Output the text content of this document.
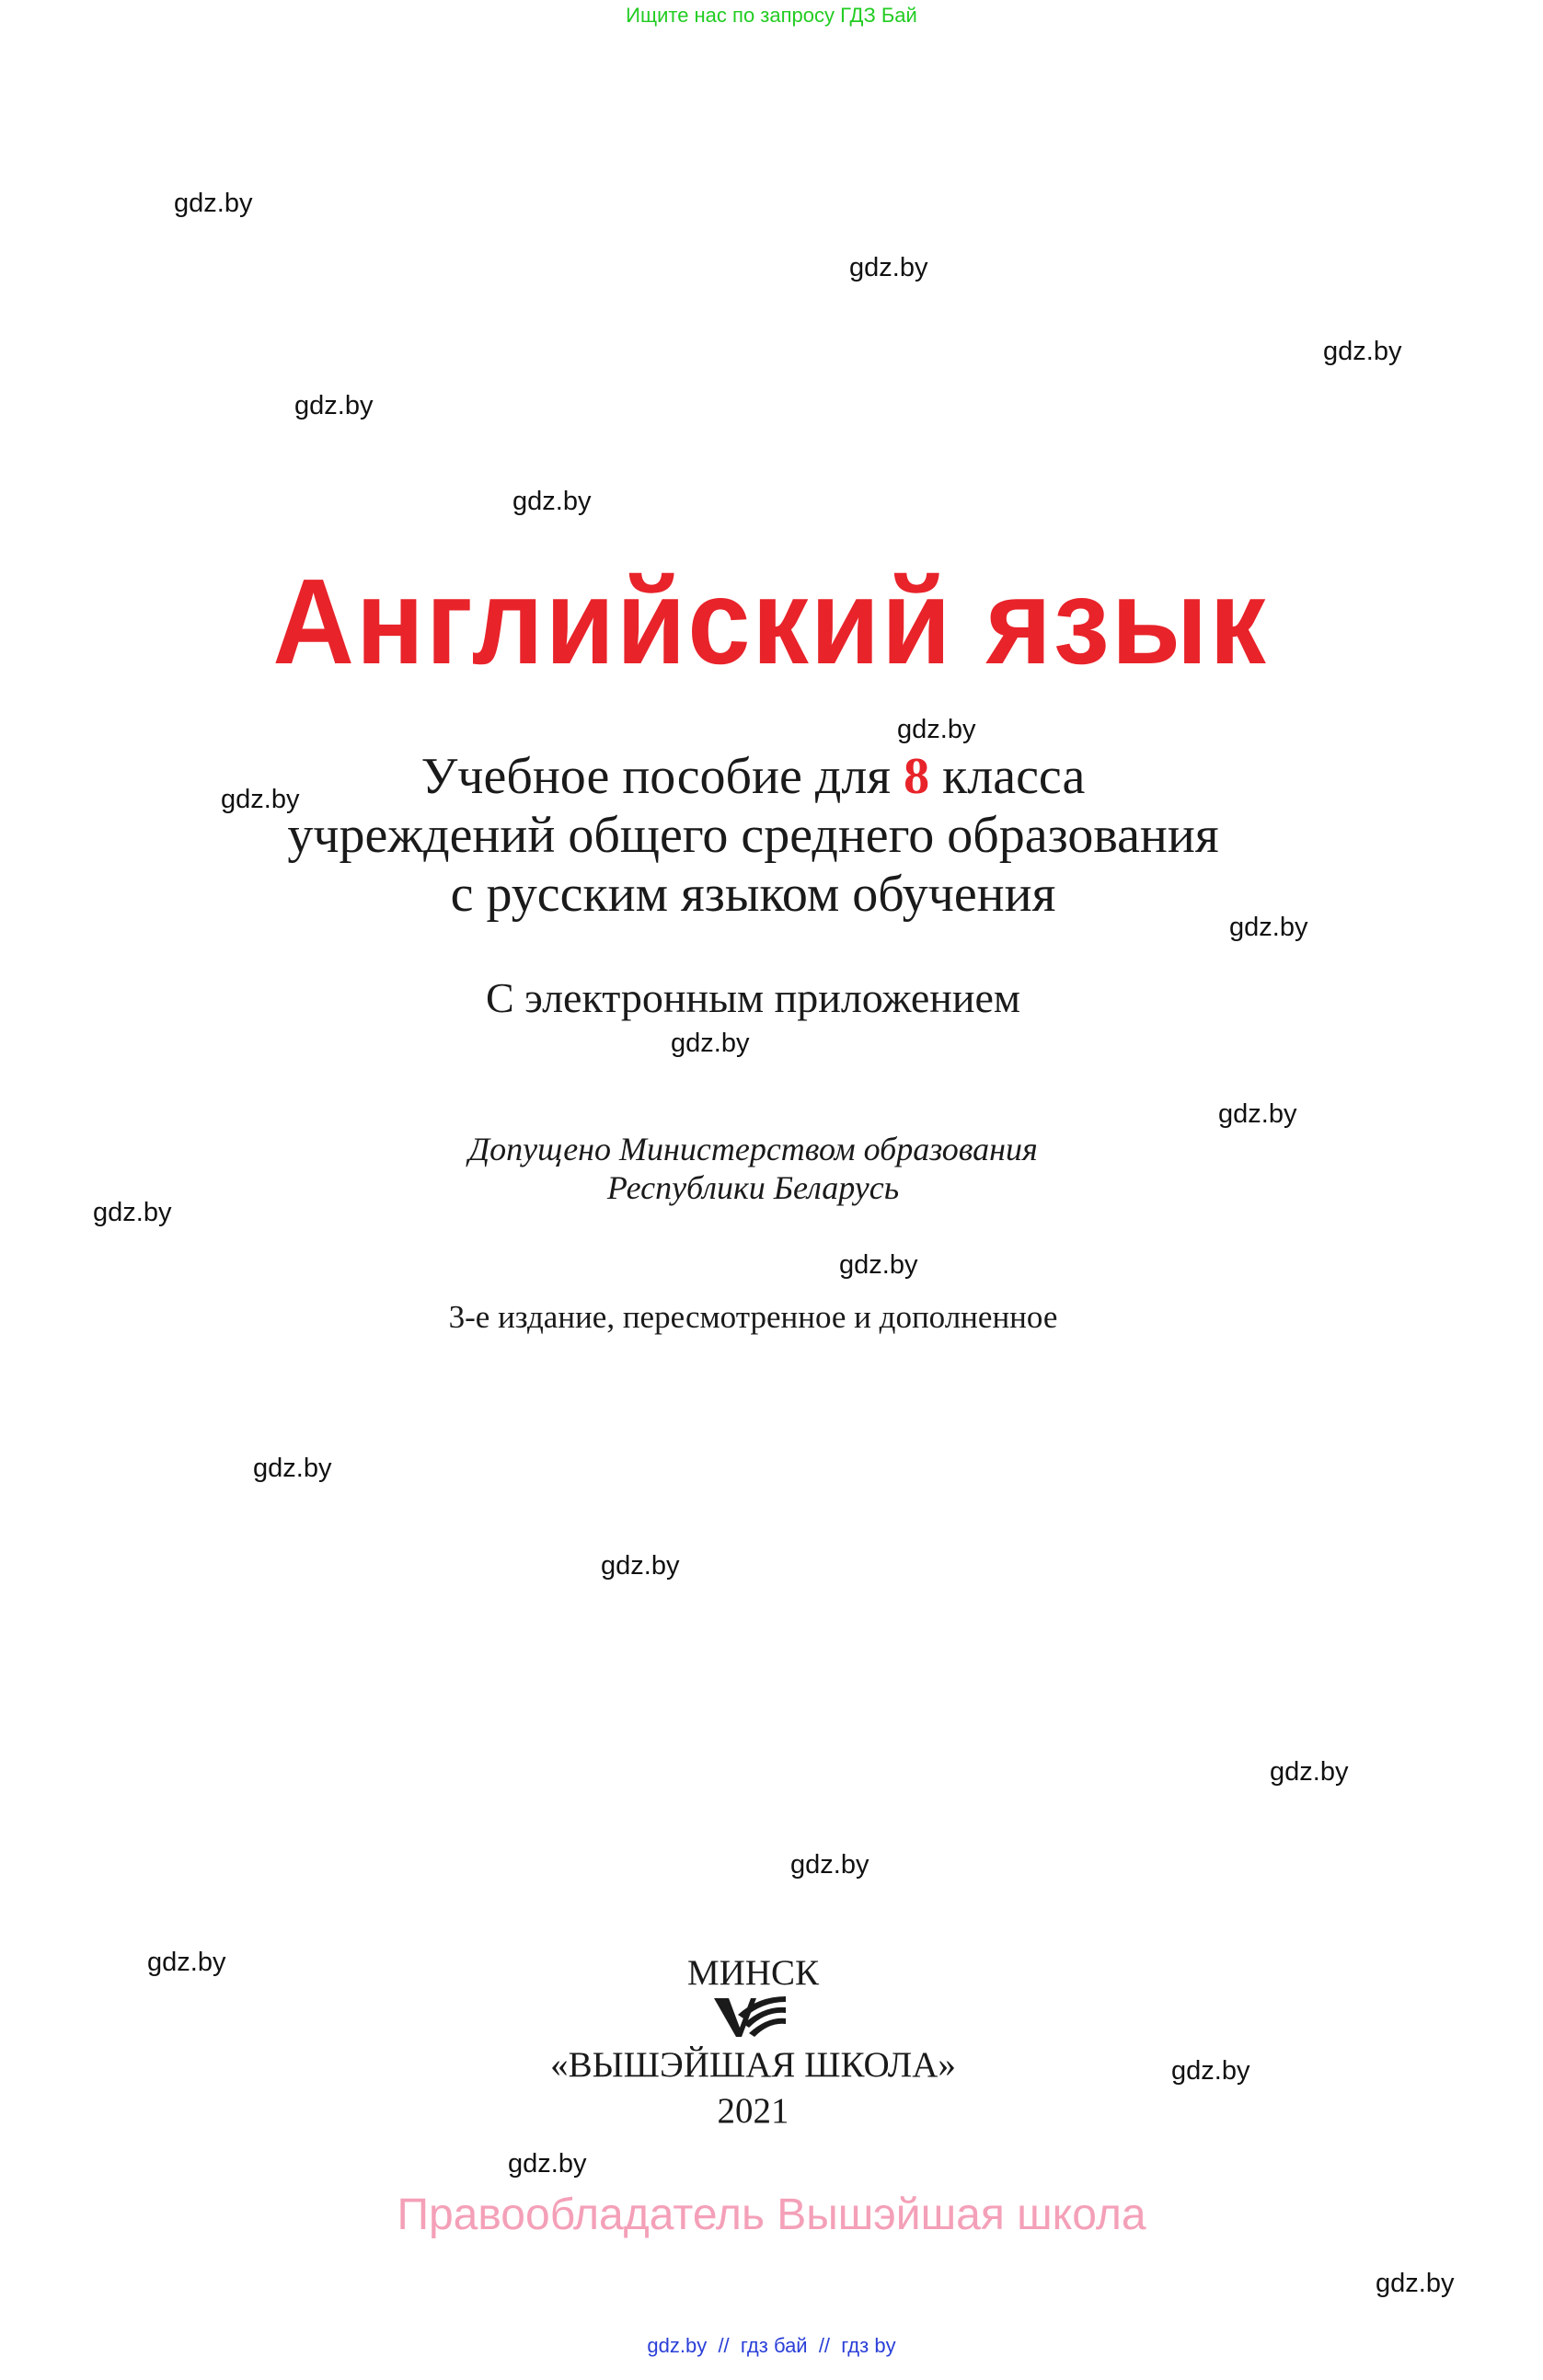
Ищите нас по запросу ГДЗ Бай
gdz.by
gdz.by
gdz.by
gdz.by
gdz.by
gdz.by
gdz.by
gdz.by
gdz.by
gdz.by
gdz.by
gdz.by
gdz.by
gdz.by
gdz.by
gdz.by
gdz.by
gdz.by
gdz.by
gdz.by
Английский язык
Учебное пособие для 8 класса
учреждений общего среднего образования
с русским языком обучения
С электронным приложением
Допущено Министерством образования
Республики Беларусь
3-е издание, пересмотренное и дополненное
МИНСК
«ВЫШЭЙШАЯ ШКОЛА»
2021
Правообладатель Вышэйшая школа
gdz.by  //  гдз бай  //  гдз by
